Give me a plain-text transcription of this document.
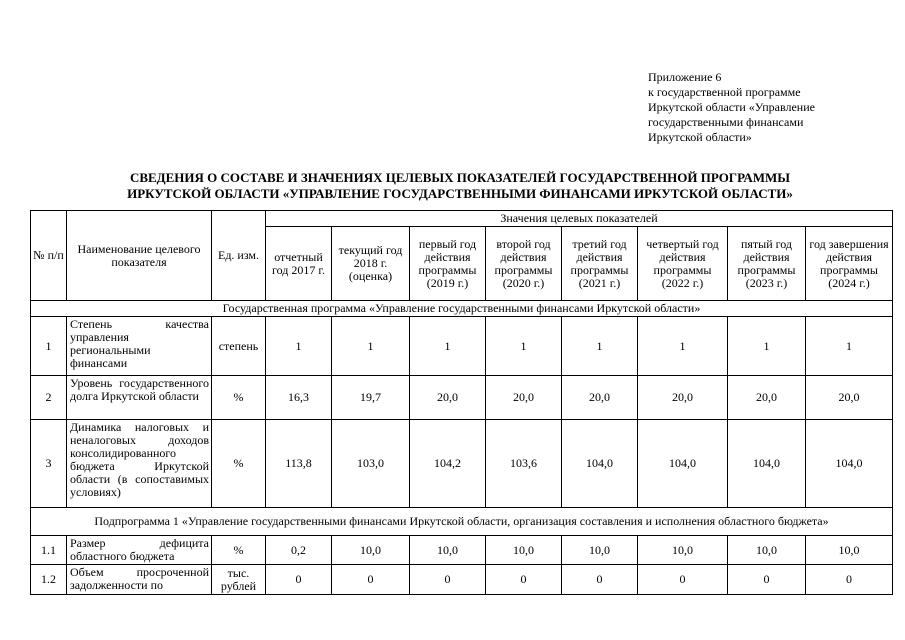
Приложение 6
к государственной программе
Иркутской области «Управление
государственными финансами
Иркутской области»
СВЕДЕНИЯ О СОСТАВЕ И ЗНАЧЕНИЯХ ЦЕЛЕВЫХ ПОКАЗАТЕЛЕЙ ГОСУДАРСТВЕННОЙ ПРОГРАММЫ
ИРКУТСКОЙ ОБЛАСТИ «УПРАВЛЕНИЕ ГОСУДАРСТВЕННЫМИ ФИНАНСАМИ ИРКУТСКОЙ ОБЛАСТИ»
№ п/п	Наименование целевого показателя	Ед. изм.	Значения целевых показателей							
			отчетный год 2017 г.	текущий год 2018 г. (оценка)	первый год действия программы (2019 г.)	второй год действия программы (2020 г.)	третий год действия программы (2021 г.)	четвертый год действия программы (2022 г.)	пятый год действия программы (2023 г.)	год завершения действия программы (2024 г.)
Государственная программа «Управление государственными финансами Иркутской области»										
1	Степень качества управления региональными финансами	степень	1	1	1	1	1	1	1	1
2	Уровень государственного долга Иркутской области	%	16,3	19,7	20,0	20,0	20,0	20,0	20,0	20,0
3	Динамика налоговых и неналоговых доходов консолидированного бюджета Иркутской области (в сопоставимых условиях)	%	113,8	103,0	104,2	103,6	104,0	104,0	104,0	104,0
Подпрограмма 1 «Управление государственными финансами Иркутской области, организация составления и исполнения областного бюджета»										
1.1	Размер дефицита областного бюджета	%	0,2	10,0	10,0	10,0	10,0	10,0	10,0	10,0
1.2	Объем просроченной задолженности по	тыс. рублей	0	0	0	0	0	0	0	0
